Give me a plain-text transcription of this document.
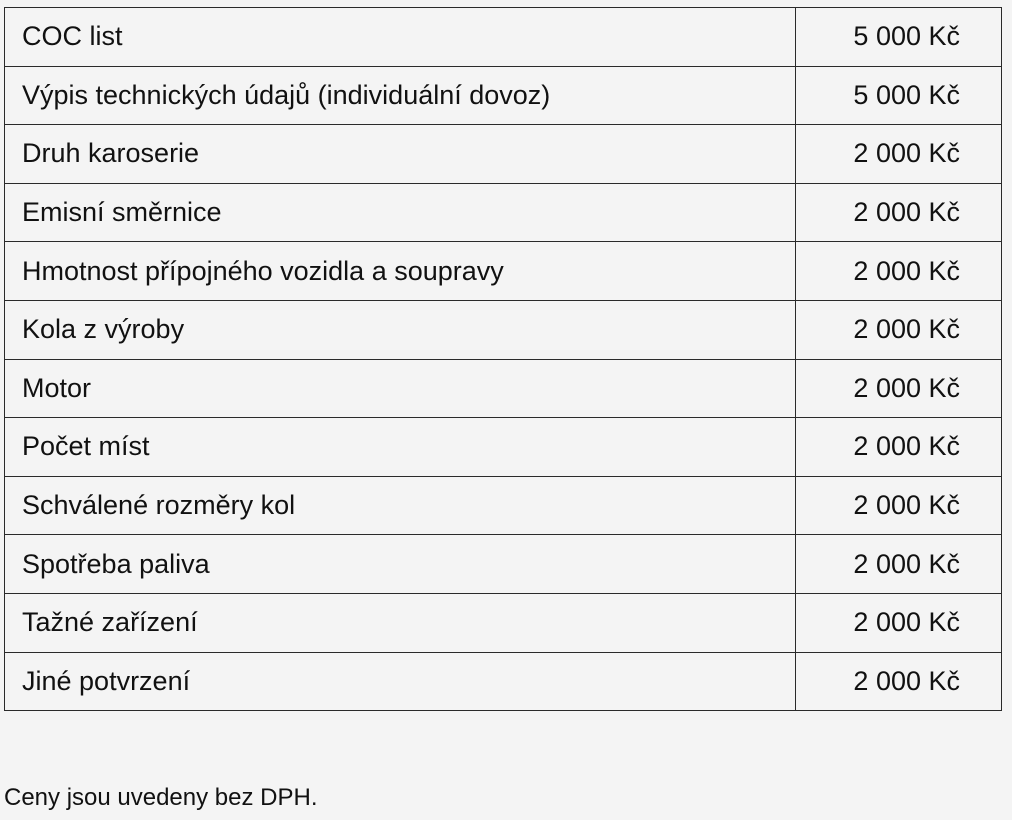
COC list	5 000 Kč
Výpis technických údajů (individuální dovoz)	5 000 Kč
Druh karoserie	2 000 Kč
Emisní směrnice	2 000 Kč
Hmotnost přípojného vozidla a soupravy	2 000 Kč
Kola z výroby	2 000 Kč
Motor	2 000 Kč
Počet míst	2 000 Kč
Schválené rozměry kol	2 000 Kč
Spotřeba paliva	2 000 Kč
Tažné zařízení	2 000 Kč
Jiné potvrzení	2 000 Kč
Ceny jsou uvedeny bez DPH.
